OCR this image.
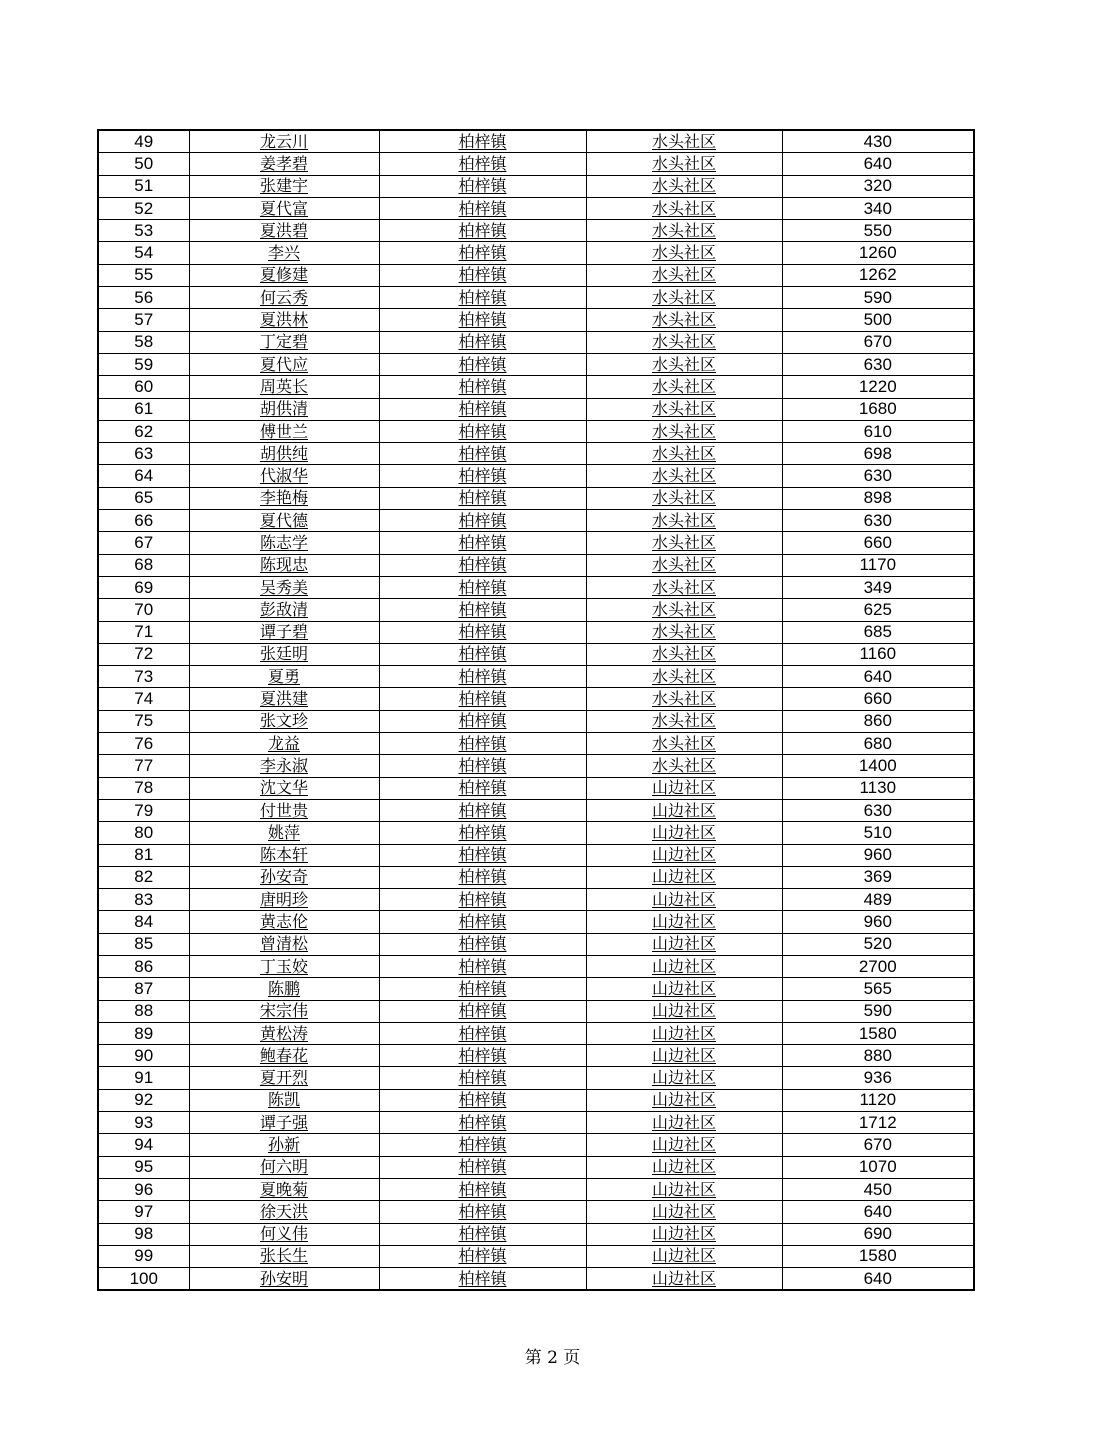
49	龙云川	柏梓镇	水头社区	430
50	姜孝碧	柏梓镇	水头社区	640
51	张建宇	柏梓镇	水头社区	320
52	夏代富	柏梓镇	水头社区	340
53	夏洪碧	柏梓镇	水头社区	550
54	李兴	柏梓镇	水头社区	1260
55	夏修建	柏梓镇	水头社区	1262
56	何云秀	柏梓镇	水头社区	590
57	夏洪林	柏梓镇	水头社区	500
58	丁定碧	柏梓镇	水头社区	670
59	夏代应	柏梓镇	水头社区	630
60	周英长	柏梓镇	水头社区	1220
61	胡供清	柏梓镇	水头社区	1680
62	傅世兰	柏梓镇	水头社区	610
63	胡供纯	柏梓镇	水头社区	698
64	代淑华	柏梓镇	水头社区	630
65	李艳梅	柏梓镇	水头社区	898
66	夏代德	柏梓镇	水头社区	630
67	陈志学	柏梓镇	水头社区	660
68	陈现忠	柏梓镇	水头社区	1170
69	吴秀美	柏梓镇	水头社区	349
70	彭敌清	柏梓镇	水头社区	625
71	谭子碧	柏梓镇	水头社区	685
72	张廷明	柏梓镇	水头社区	1160
73	夏勇	柏梓镇	水头社区	640
74	夏洪建	柏梓镇	水头社区	660
75	张文珍	柏梓镇	水头社区	860
76	龙益	柏梓镇	水头社区	680
77	李永淑	柏梓镇	水头社区	1400
78	沈文华	柏梓镇	山边社区	1130
79	付世贵	柏梓镇	山边社区	630
80	姚萍	柏梓镇	山边社区	510
81	陈本轩	柏梓镇	山边社区	960
82	孙安奇	柏梓镇	山边社区	369
83	唐明珍	柏梓镇	山边社区	489
84	黄志伦	柏梓镇	山边社区	960
85	曾清松	柏梓镇	山边社区	520
86	丁玉姣	柏梓镇	山边社区	2700
87	陈鹏	柏梓镇	山边社区	565
88	宋宗伟	柏梓镇	山边社区	590
89	黄松涛	柏梓镇	山边社区	1580
90	鲍春花	柏梓镇	山边社区	880
91	夏开烈	柏梓镇	山边社区	936
92	陈凯	柏梓镇	山边社区	1120
93	谭子强	柏梓镇	山边社区	1712
94	孙新	柏梓镇	山边社区	670
95	何六明	柏梓镇	山边社区	1070
96	夏晚菊	柏梓镇	山边社区	450
97	徐天洪	柏梓镇	山边社区	640
98	何义伟	柏梓镇	山边社区	690
99	张长生	柏梓镇	山边社区	1580
100	孙安明	柏梓镇	山边社区	640
第 2 页
